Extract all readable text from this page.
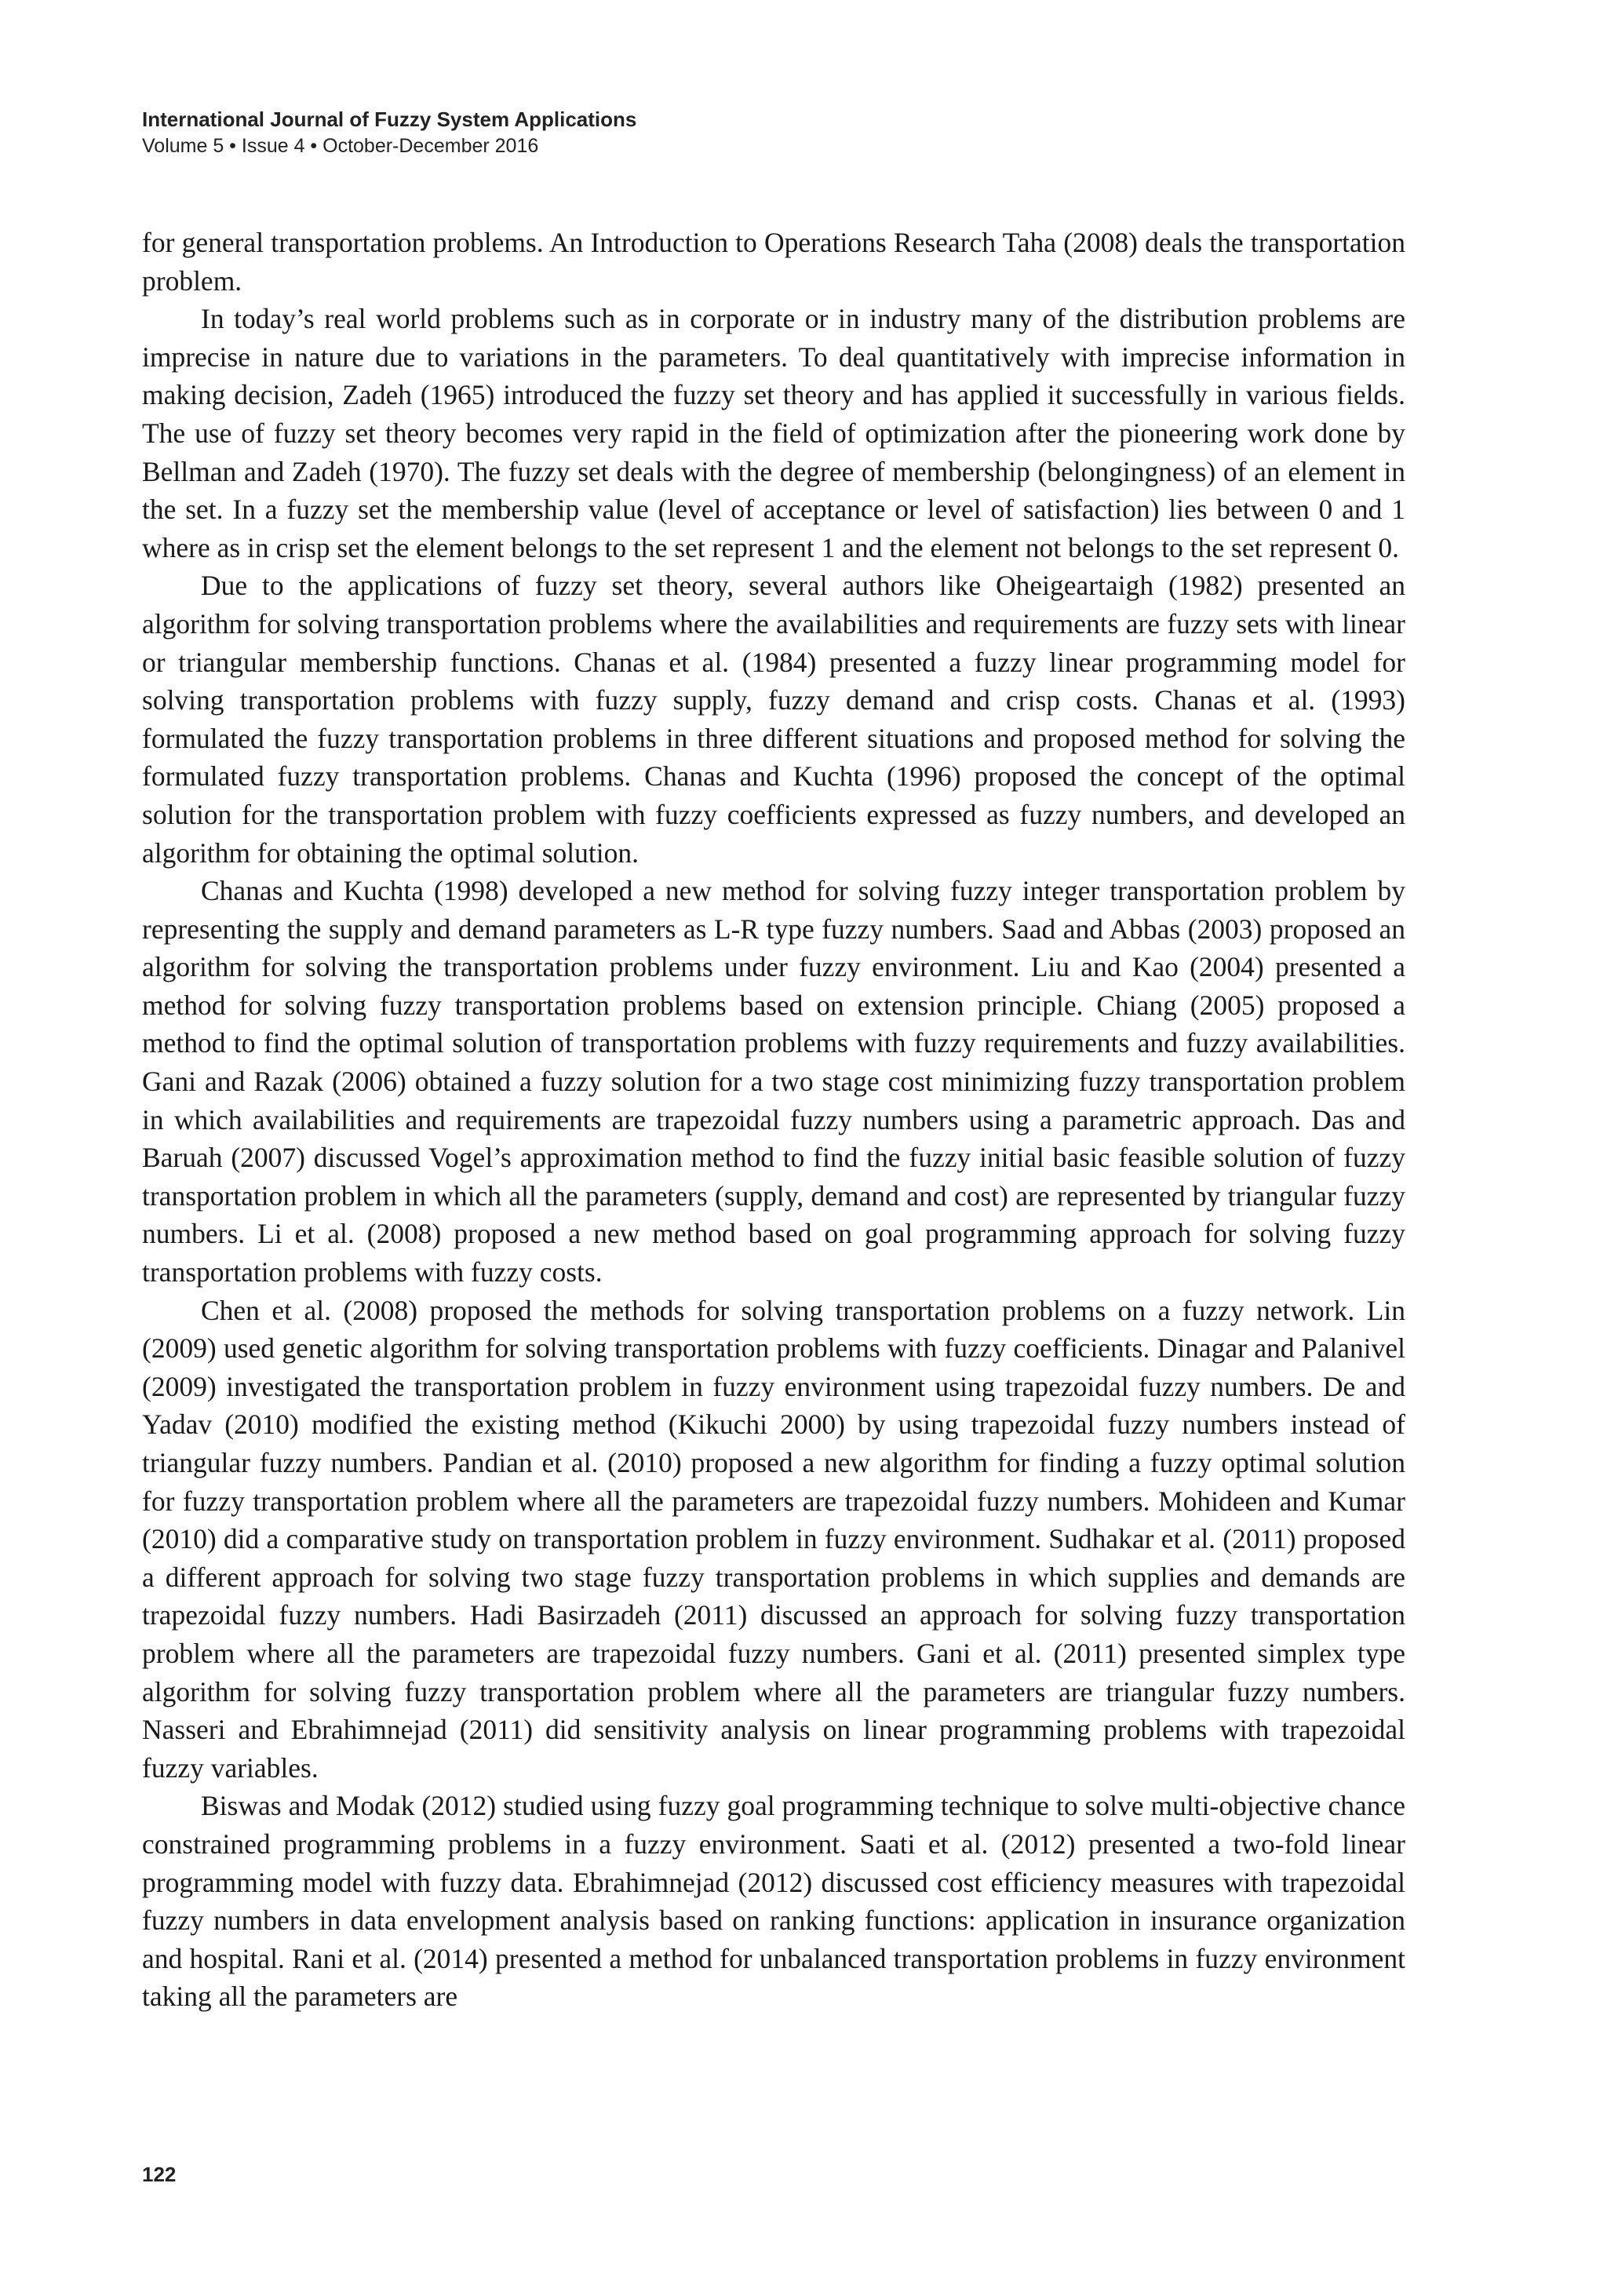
International Journal of Fuzzy System Applications
Volume 5 • Issue 4 • October-December 2016

for general transportation problems. An Introduction to Operations Research Taha (2008) deals the transportation problem.

In today’s real world problems such as in corporate or in industry many of the distribution problems are imprecise in nature due to variations in the parameters. To deal quantitatively with imprecise information in making decision, Zadeh (1965) introduced the fuzzy set theory and has applied it successfully in various fields. The use of fuzzy set theory becomes very rapid in the field of optimization after the pioneering work done by Bellman and Zadeh (1970). The fuzzy set deals with the degree of membership (belongingness) of an element in the set. In a fuzzy set the membership value (level of acceptance or level of satisfaction) lies between 0 and 1 where as in crisp set the element belongs to the set represent 1 and the element not belongs to the set represent 0.

Due to the applications of fuzzy set theory, several authors like Oheigeartaigh (1982) presented an algorithm for solving transportation problems where the availabilities and requirements are fuzzy sets with linear or triangular membership functions. Chanas et al. (1984) presented a fuzzy linear programming model for solving transportation problems with fuzzy supply, fuzzy demand and crisp costs. Chanas et al. (1993) formulated the fuzzy transportation problems in three different situations and proposed method for solving the formulated fuzzy transportation problems. Chanas and Kuchta (1996) proposed the concept of the optimal solution for the transportation problem with fuzzy coefficients expressed as fuzzy numbers, and developed an algorithm for obtaining the optimal solution.

Chanas and Kuchta (1998) developed a new method for solving fuzzy integer transportation problem by representing the supply and demand parameters as L-R type fuzzy numbers. Saad and Abbas (2003) proposed an algorithm for solving the transportation problems under fuzzy environment. Liu and Kao (2004) presented a method for solving fuzzy transportation problems based on extension principle. Chiang (2005) proposed a method to find the optimal solution of transportation problems with fuzzy requirements and fuzzy availabilities. Gani and Razak (2006) obtained a fuzzy solution for a two stage cost minimizing fuzzy transportation problem in which availabilities and requirements are trapezoidal fuzzy numbers using a parametric approach. Das and Baruah (2007) discussed Vogel’s approximation method to find the fuzzy initial basic feasible solution of fuzzy transportation problem in which all the parameters (supply, demand and cost) are represented by triangular fuzzy numbers. Li et al. (2008) proposed a new method based on goal programming approach for solving fuzzy transportation problems with fuzzy costs.

Chen et al. (2008) proposed the methods for solving transportation problems on a fuzzy network. Lin (2009) used genetic algorithm for solving transportation problems with fuzzy coefficients. Dinagar and Palanivel (2009) investigated the transportation problem in fuzzy environment using trapezoidal fuzzy numbers. De and Yadav (2010) modified the existing method (Kikuchi 2000) by using trapezoidal fuzzy numbers instead of triangular fuzzy numbers. Pandian et al. (2010) proposed a new algorithm for finding a fuzzy optimal solution for fuzzy transportation problem where all the parameters are trapezoidal fuzzy numbers. Mohideen and Kumar (2010) did a comparative study on transportation problem in fuzzy environment. Sudhakar et al. (2011) proposed a different approach for solving two stage fuzzy transportation problems in which supplies and demands are trapezoidal fuzzy numbers. Hadi Basirzadeh (2011) discussed an approach for solving fuzzy transportation problem where all the parameters are trapezoidal fuzzy numbers. Gani et al. (2011) presented simplex type algorithm for solving fuzzy transportation problem where all the parameters are triangular fuzzy numbers. Nasseri and Ebrahimnejad (2011) did sensitivity analysis on linear programming problems with trapezoidal fuzzy variables.

Biswas and Modak (2012) studied using fuzzy goal programming technique to solve multi-objective chance constrained programming problems in a fuzzy environment. Saati et al. (2012) presented a two-fold linear programming model with fuzzy data. Ebrahimnejad (2012) discussed cost efficiency measures with trapezoidal fuzzy numbers in data envelopment analysis based on ranking functions: application in insurance organization and hospital. Rani et al. (2014) presented a method for unbalanced transportation problems in fuzzy environment taking all the parameters are

122
